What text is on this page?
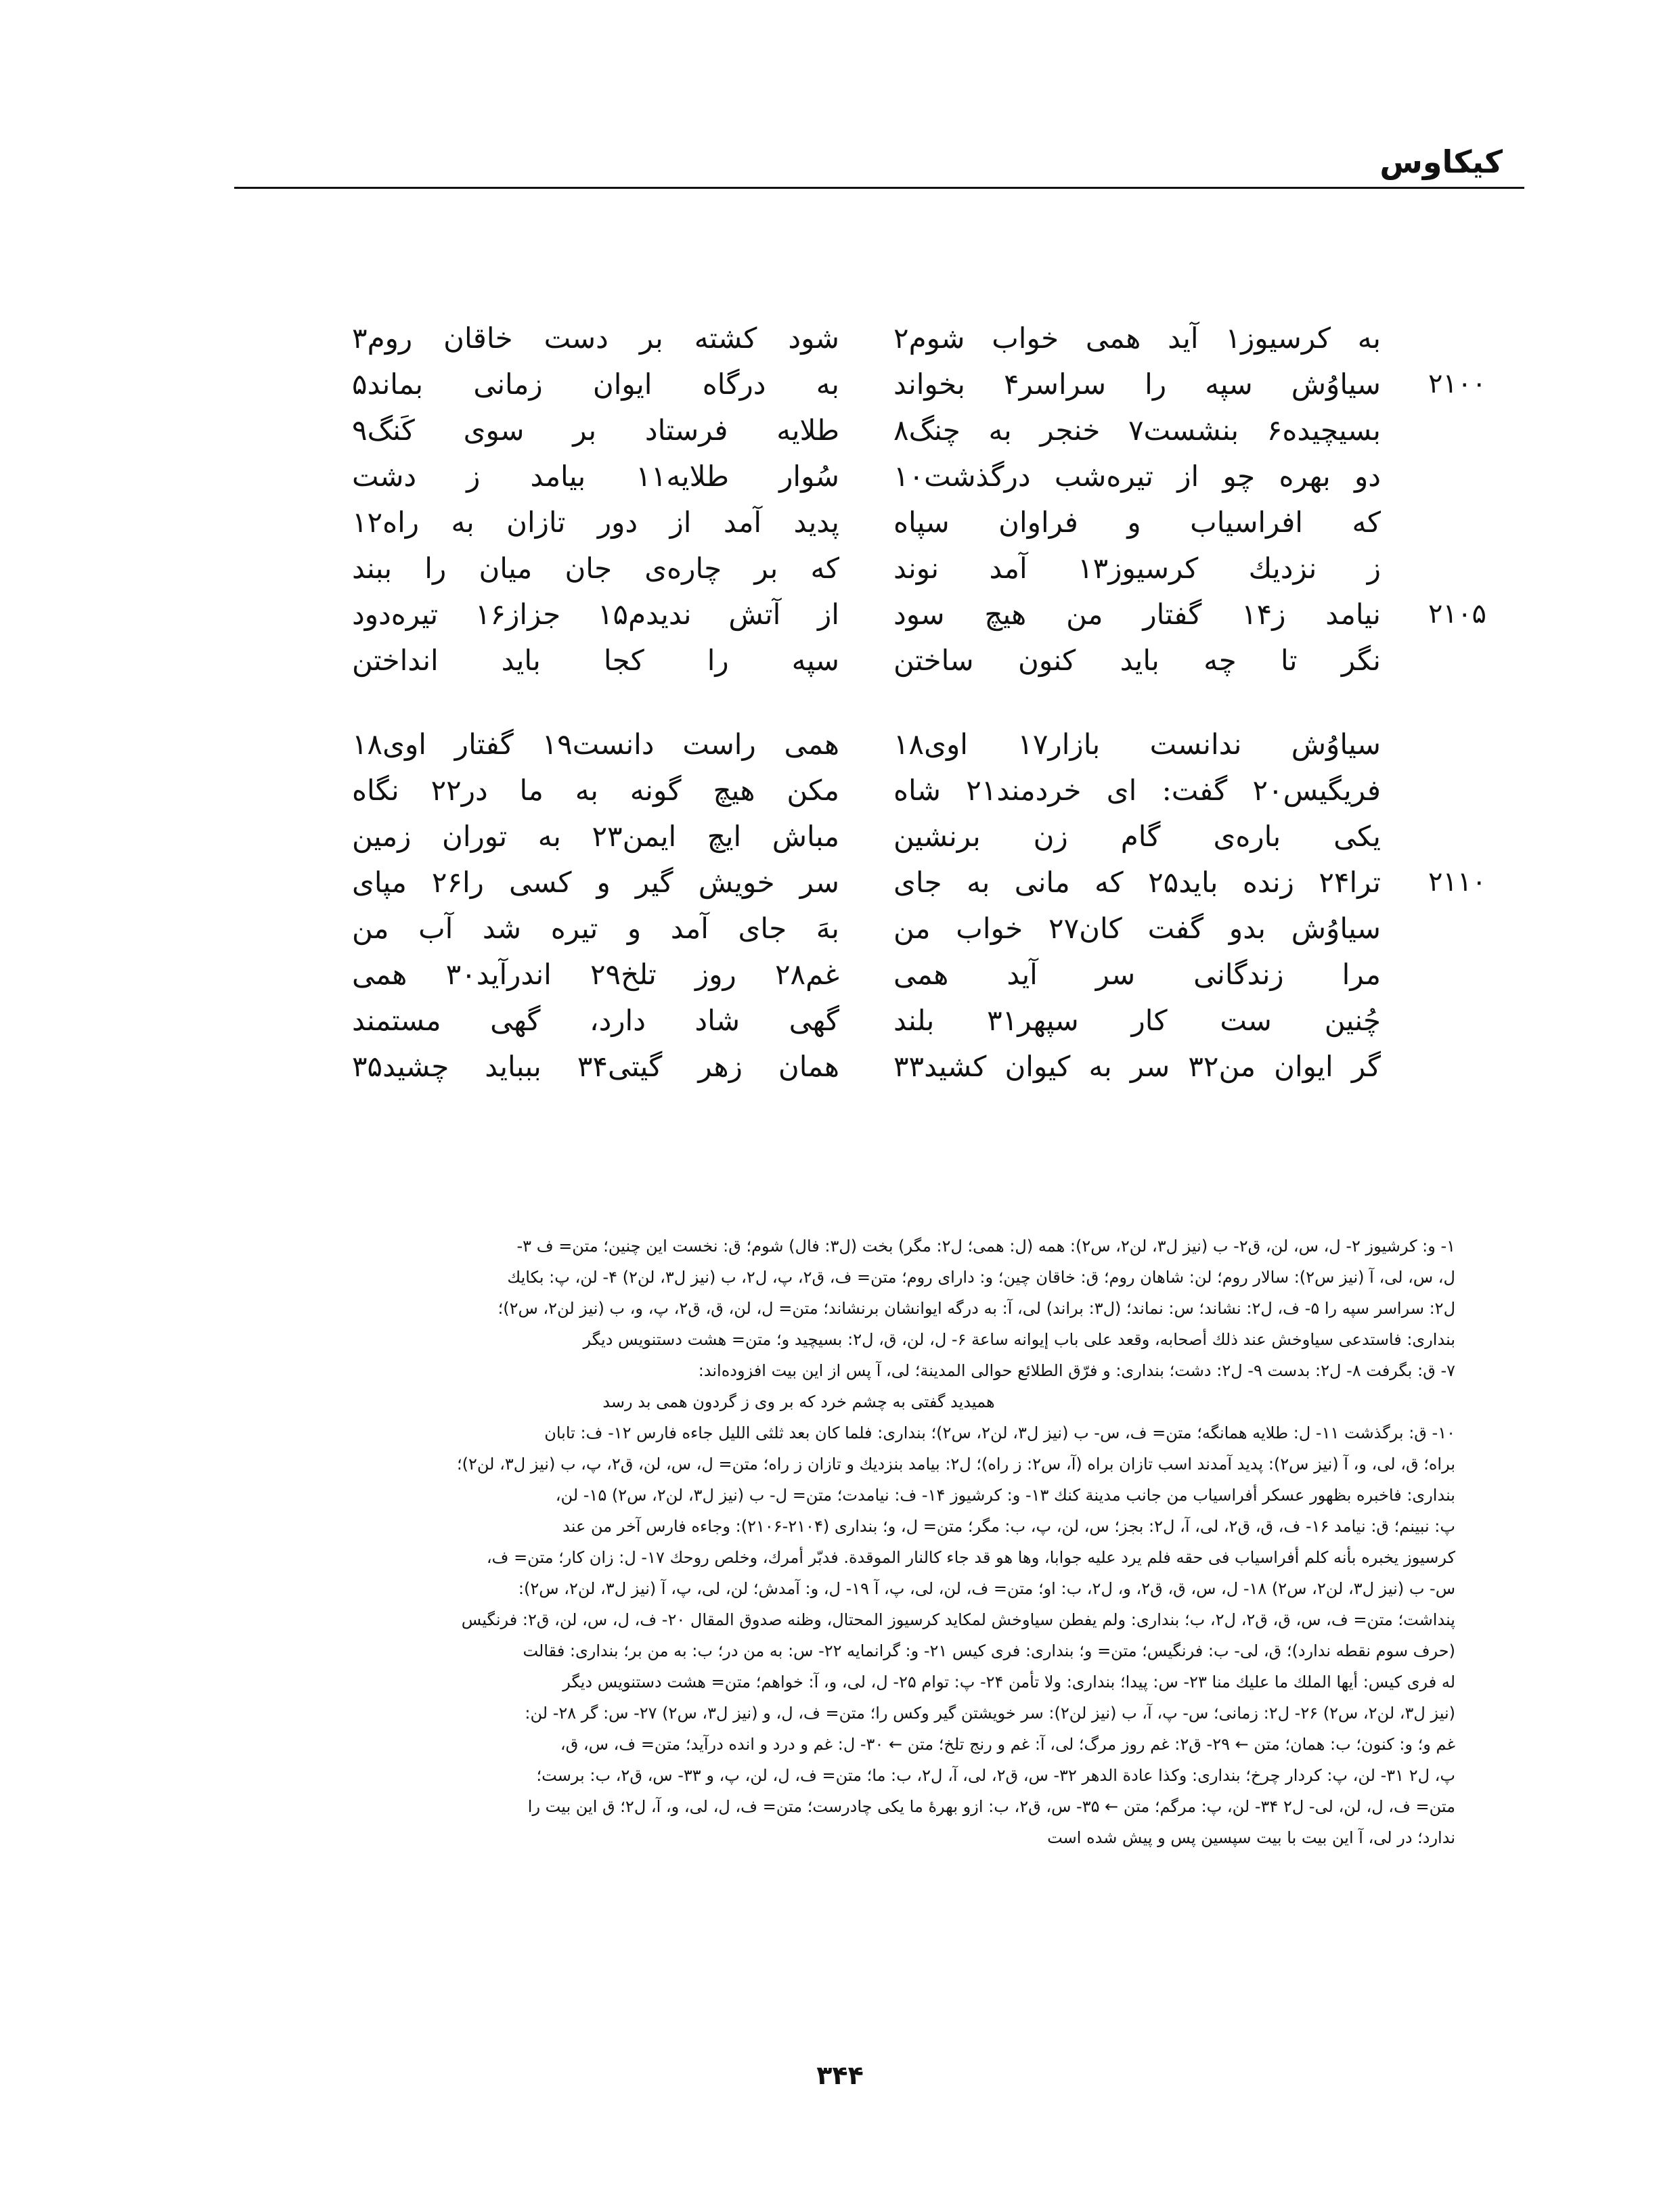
کیکاوس
به کرسیوز۱ آید همی خواب شوم۲
شود کشته بر دست خاقان روم۳
۲۱۰۰
سیاوُش سپه را سراسر۴ بخواند
به درگاه ایوان زمانی بماند۵
بسیچیده۶ بنشست۷ خنجر به چنگ۸
طلایه فرستاد بر سوی کَنگ۹
دو بهره چو از تیره‌شب درگذشت۱۰
سُوار طلایه۱۱ بیامد ز دشت
که افراسیاب و فراوان سپاه
پدید آمد از دور تازان به راه۱۲
ز نزدیك کرسیوز۱۳ آمد نوند
که بر چاره‌ی جان میان را ببند
۲۱۰۵
نیامد ز۱۴ گفتار من هیچ سود
از آتش ندیدم۱۵ جزاز۱۶ تیره‌دود
نگر تا چه باید کنون ساختن
سپه را کجا باید انداختن
سیاوُش ندانست بازار۱۷ اوی۱۸
همی راست دانست۱۹ گفتار اوی۱۸
فریگیس۲۰ گفت: ای خردمند۲۱ شاه
مکن هیچ گونه به ما در۲۲ نگاه
یکی باره‌ی گام زن برنشین
مباش ایچ ایمن۲۳ به توران زمین
۲۱۱۰
ترا۲۴ زنده باید۲۵ که مانی به جای
سر خویش گیر و کسی را۲۶ مپای
سیاوُش بدو گفت کان۲۷ خواب من
بهَ جای آمد و تیره شد آب من
مرا زندگانی سر آید همی
غم۲۸ روز تلخ۲۹ اندرآید۳۰ همی
چُنین ست کار سپهر۳۱ بلند
گهی شاد دارد، گهی مستمند
گر ایوان من۳۲ سر به کیوان کشید۳۳
همان زهر گیتی۳۴ ببباید چشید۳۵
۱- و: کرشیوز ۲- ل، س، لن، ق۲- ب (نیز ل۳، لن۲، س۲): همه (ل: همی؛ ل۲: مگر) بخت (ل۳: فال) شوم؛ ق: نخست این چنین؛ متن= ف ۳-
ل، س، لی، آ (نیز س۲): سالار روم؛ لن: شاهان روم؛ ق: خاقان چین؛ و: دارای روم؛ متن= ف، ق۲، پ، ل۲، ب (نیز ل۳، لن۲) ۴- لن، پ: بکایك
ل۲: سراسر سپه را ۵- ف، ل۲: نشاند؛ س: نماند؛ (ل۳: براند) لی، آ: به درگه ایوانشان برنشاند؛ متن= ل، لن، ق، ق۲، پ، و، ب (نیز لن۲، س۲)؛
بنداری: فاستدعی سیاوخش عند ذلك أصحابه، وقعد علی باب إیوانه ساعة ۶- ل، لن، ق، ل۲: بسیچید و؛ متن= هشت دستنویس دیگر
۷- ق: بگرفت ۸- ل۲: بدست ۹- ل۲: دشت؛ بنداری: و فرّق الطلائع حوالی المدینة؛ لی، آ پس از این بیت افزوده‌اند:
همیدید گفتی به چشم خرد که بر وی ز گردون همی بد رسد
۱۰- ق: برگذشت ۱۱- ل: طلایه همانگه؛ متن= ف، س- ب (نیز ل۳، لن۲، س۲)؛ بنداری: فلما کان بعد ثلثی اللیل جاءه فارس ۱۲- ف: تابان
براه؛ ق، لی، و، آ (نیز س۲): پدید آمدند اسب تازان براه (آ، س۲: ز راه)؛ ل۲: بیامد بنزدیك و تازان ز راه؛ متن= ل، س، لن، ق۲، پ، ب (نیز ل۳، لن۲)؛
بنداری: فاخبره بظهور عسکر أفراسیاب من جانب مدینة کنك ۱۳- و: کرشیوز ۱۴- ف: نیامدت؛ متن= ل- ب (نیز ل۳، لن۲، س۲) ۱۵- لن،
پ: نبینم؛ ق: نیامد ۱۶- ف، ق، ق۲، لی، آ، ل۲: بجز؛ س، لن، پ، ب: مگر؛ متن= ل، و؛ بنداری (۲۱۰۴-۲۱۰۶): وجاءه فارس آخر من عند
کرسیوز یخبره بأنه کلم أفراسیاب فی حقه فلم یرد علیه جوابا، وها هو قد جاء کالنار الموقدة. فدبّر أمرك، وخلص روحك ۱۷- ل: زان کار؛ متن= ف،
س- ب (نیز ل۳، لن۲، س۲) ۱۸- ل، س، ق، ق۲، و، ل۲، ب: او؛ متن= ف، لن، لی، پ، آ ۱۹- ل، و: آمدش؛ لن، لی، پ، آ (نیز ل۳، لن۲، س۲):
پنداشت؛ متن= ف، س، ق، ق۲، ل۲، ب؛ بنداری: ولم یفطن سیاوخش لمکاید کرسیوز المحتال، وظنه صدوق المقال ۲۰- ف، ل، س، لن، ق۲: فرنگیس
(حرف سوم نقطه ندارد)؛ ق، لی- ب: فرنگیس؛ متن= و؛ بنداری: فری کیس ۲۱- و: گرانمایه ۲۲- س: به من در؛ ب: به من بر؛ بنداری: فقالت
له فری کیس: أیها الملك ما علیك منا ۲۳- س: پیدا؛ بنداری: ولا تأمن ۲۴- پ: توام ۲۵- ل، لی، و، آ: خواهم؛ متن= هشت دستنویس دیگر
(نیز ل۳، لن۲، س۲) ۲۶- ل۲: زمانی؛ س- پ، آ، ب (نیز لن۲): سر خویشتن گیر وکس را؛ متن= ف، ل، و (نیز ل۳، س۲) ۲۷- س: گر ۲۸- لن:
غم و؛ و: کنون؛ ب: همان؛ متن ← ۲۹- ق۲: غم روز مرگ؛ لی، آ: غم و رنج تلخ؛ متن ← ۳۰- ل: غم و درد و انده درآید؛ متن= ف، س، ق،
پ، ل۲ ۳۱- لن، پ: کردار چرخ؛ بنداری: وکذا عادة الدهر ۳۲- س، ق۲، لی، آ، ل۲، ب: ما؛ متن= ف، ل، لن، پ، و ۳۳- س، ق۲، ب: برست؛
متن= ف، ل، لن، لی- ل۲ ۳۴- لن، پ: مرگم؛ متن ← ۳۵- س، ق۲، ب: ازو بهرهٔ ما یکی چادرست؛ متن= ف، ل، لی، و، آ، ل۲؛ ق این بیت را
ندارد؛ در لی، آ این بیت با بیت سپسین پس و پیش شده است
۳۴۴
